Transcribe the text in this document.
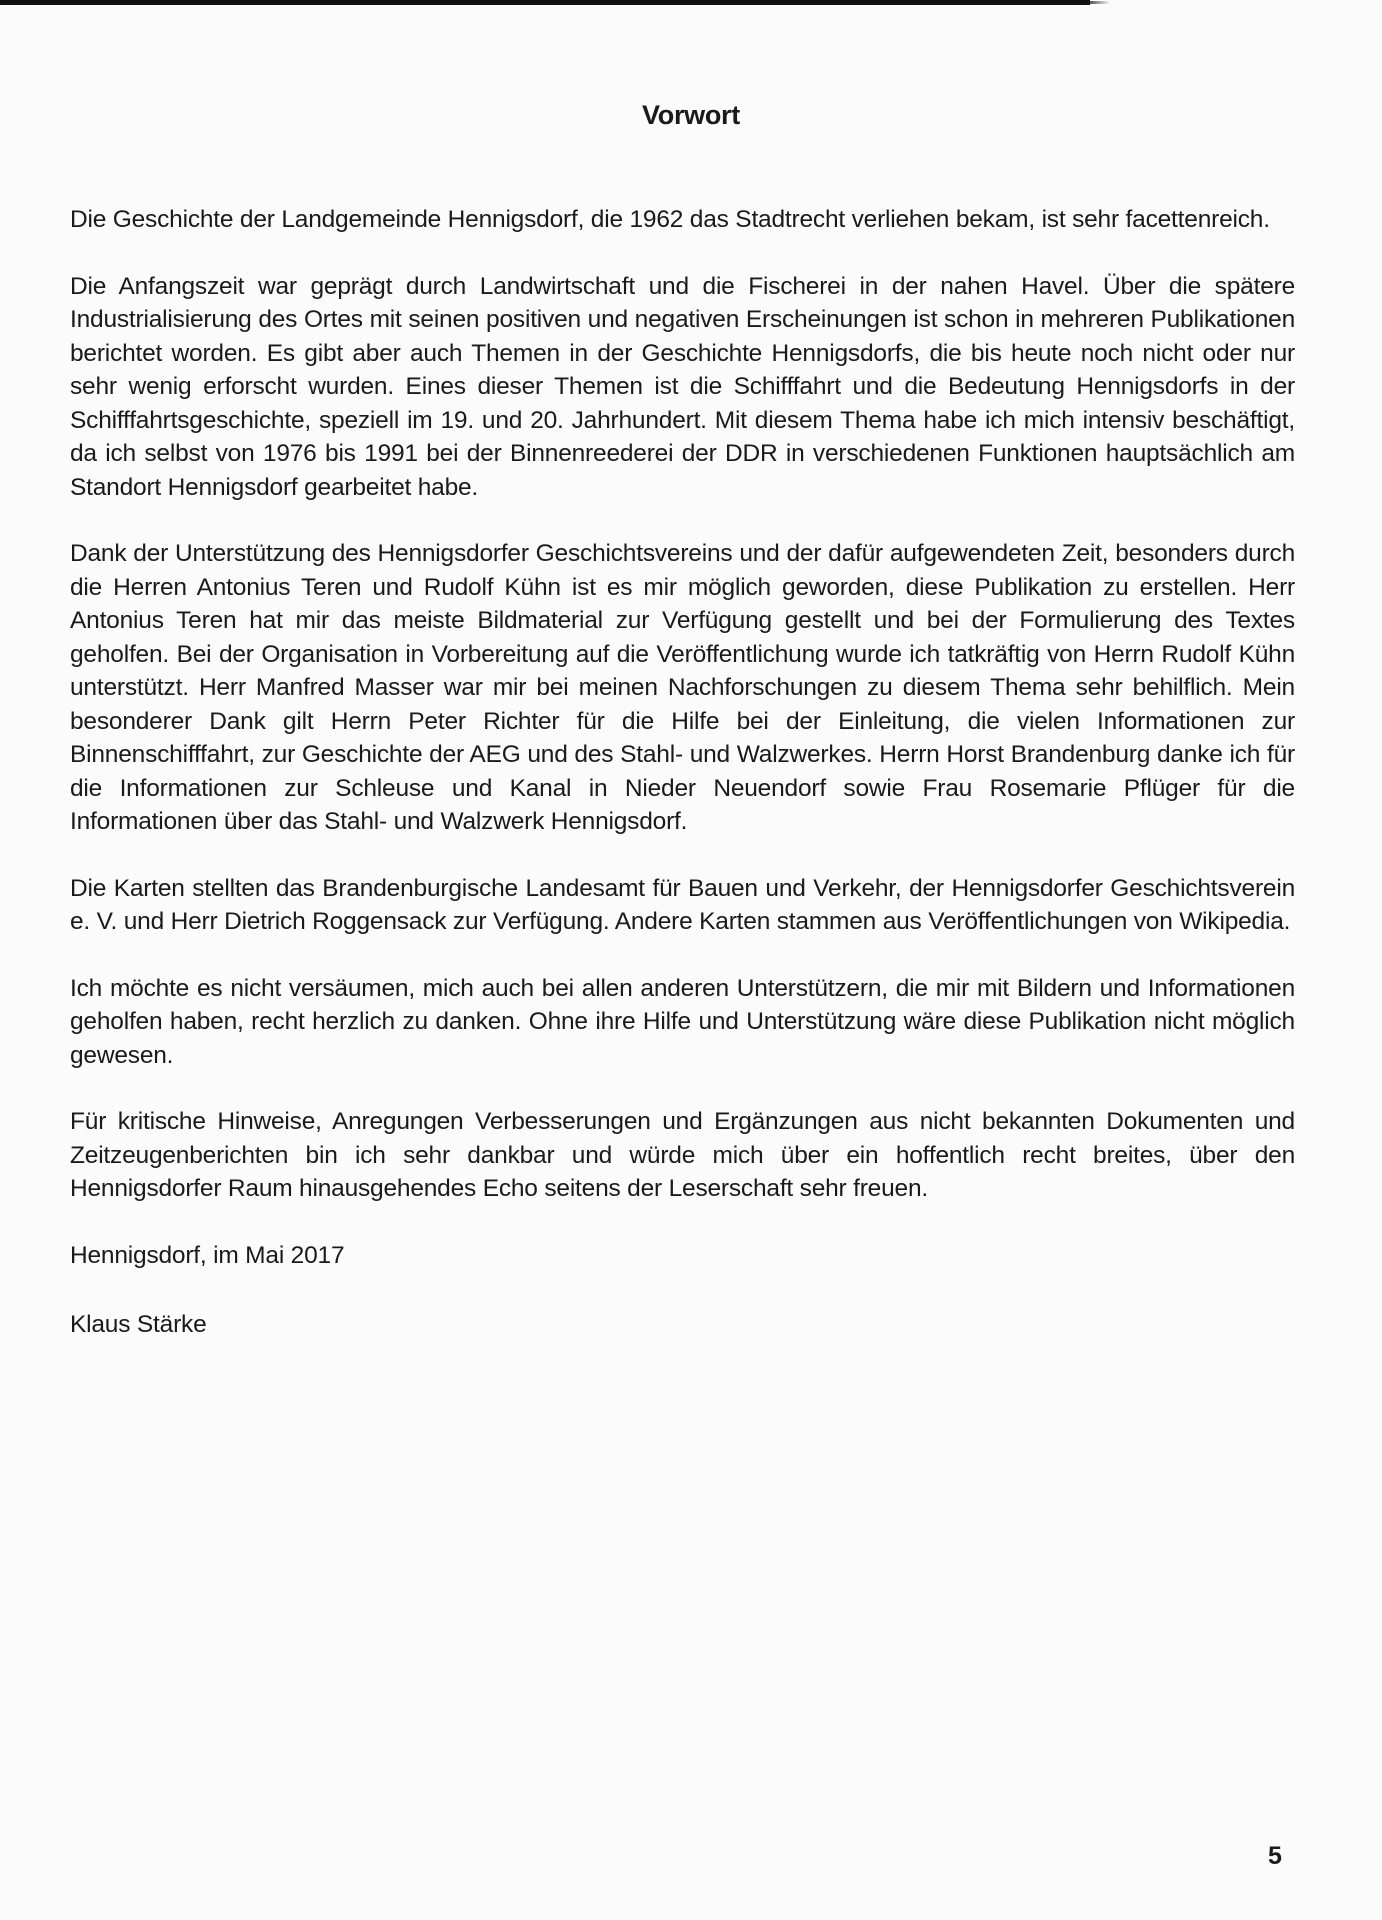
Vorwort

Die Geschichte der Landgemeinde Hennigsdorf, die 1962 das Stadtrecht verliehen bekam, ist sehr facettenreich.

Die Anfangszeit war geprägt durch Landwirtschaft und die Fischerei in der nahen Havel. Über die spätere Industrialisierung des Ortes mit seinen positiven und negativen Erscheinungen ist schon in mehreren Publikationen berichtet worden. Es gibt aber auch Themen in der Geschichte Hennigsdorfs, die bis heute noch nicht oder nur sehr wenig erforscht wurden. Eines dieser Themen ist die Schifffahrt und die Bedeutung Hennigsdorfs in der Schifffahrtsgeschichte, speziell im 19. und 20. Jahrhundert. Mit diesem Thema habe ich mich intensiv beschäftigt, da ich selbst von 1976 bis 1991 bei der Binnenreederei der DDR in verschiedenen Funktionen hauptsächlich am Standort Hennigsdorf gearbeitet habe.

Dank der Unterstützung des Hennigsdorfer Geschichtsvereins und der dafür aufgewendeten Zeit, besonders durch die Herren Antonius Teren und Rudolf Kühn ist es mir möglich geworden, diese Publikation zu erstellen. Herr Antonius Teren hat mir das meiste Bildmaterial zur Verfügung gestellt und bei der Formulierung des Textes geholfen. Bei der Organisation in Vorbereitung auf die Veröffentlichung wurde ich tatkräftig von Herrn Rudolf Kühn unterstützt. Herr Manfred Masser war mir bei meinen Nachforschungen zu diesem Thema sehr behilflich. Mein besonderer Dank gilt Herrn Peter Richter für die Hilfe bei der Einleitung, die vielen Informationen zur Binnenschifffahrt, zur Geschichte der AEG und des Stahl- und Walzwerkes. Herrn Horst Brandenburg danke ich für die Informationen zur Schleuse und Kanal in Nieder Neuendorf sowie Frau Rosemarie Pflüger für die Informationen über das Stahl- und Walzwerk Hennigsdorf.

Die Karten stellten das Brandenburgische Landesamt für Bauen und Verkehr, der Hennigsdorfer Geschichtsverein e. V. und Herr Dietrich Roggensack zur Verfügung. Andere Karten stammen aus Veröffentlichungen von Wikipedia.

Ich möchte es nicht versäumen, mich auch bei allen anderen Unterstützern, die mir mit Bildern und Informationen geholfen haben, recht herzlich zu danken. Ohne ihre Hilfe und Unterstützung wäre diese Publikation nicht möglich gewesen.

Für kritische Hinweise, Anregungen Verbesserungen und Ergänzungen aus nicht bekannten Dokumenten und Zeitzeugenberichten bin ich sehr dankbar und würde mich über ein hoffentlich recht breites, über den Hennigsdorfer Raum hinausgehendes Echo seitens der Leserschaft sehr freuen.

Hennigsdorf, im Mai 2017

Klaus Stärke

5
